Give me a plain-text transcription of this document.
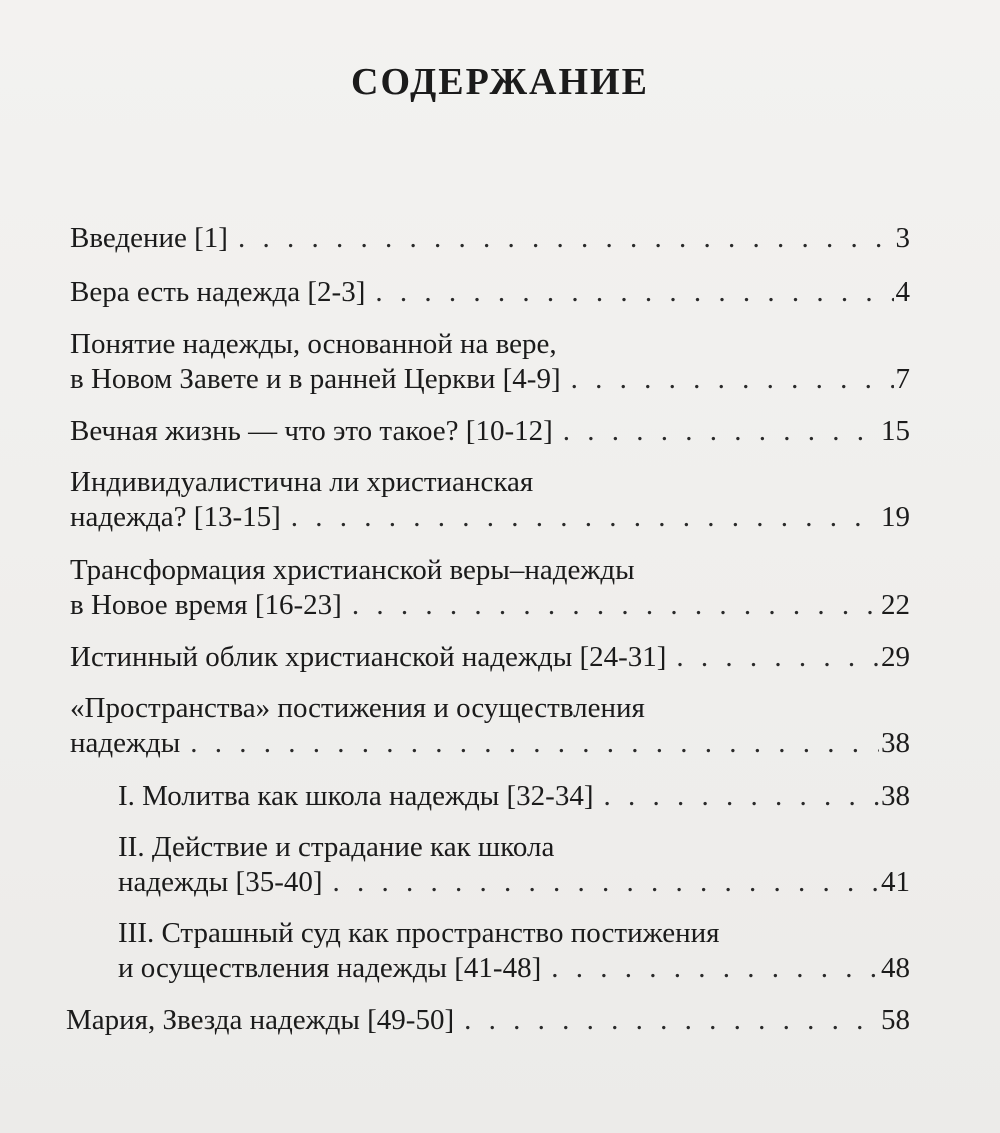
СОДЕРЖАНИЕ
Введение [1] . . .	3
Вера есть надежда [2-3] . . .	4
Понятие надежды, основанной на вере,
в Новом Завете и в ранней Церкви [4-9] . . .	7
Вечная жизнь — что это такое? [10-12] . . .	15
Индивидуалистична ли христианская
надежда? [13-15] . . .	19
Трансформация христианской веры–надежды
в Новое время [16-23] . . .	22
Истинный облик христианской надежды [24-31] . . .	29
«Пространства» постижения и осуществления
надежды . . .	38
I. Молитва как школа надежды [32-34] . . .	38
II. Действие и страдание как школа
надежды [35-40] . . .	41
III. Страшный суд как пространство постижения
и осуществления надежды [41-48] . . .	48
Мария, Звезда надежды [49-50] . . .	58
